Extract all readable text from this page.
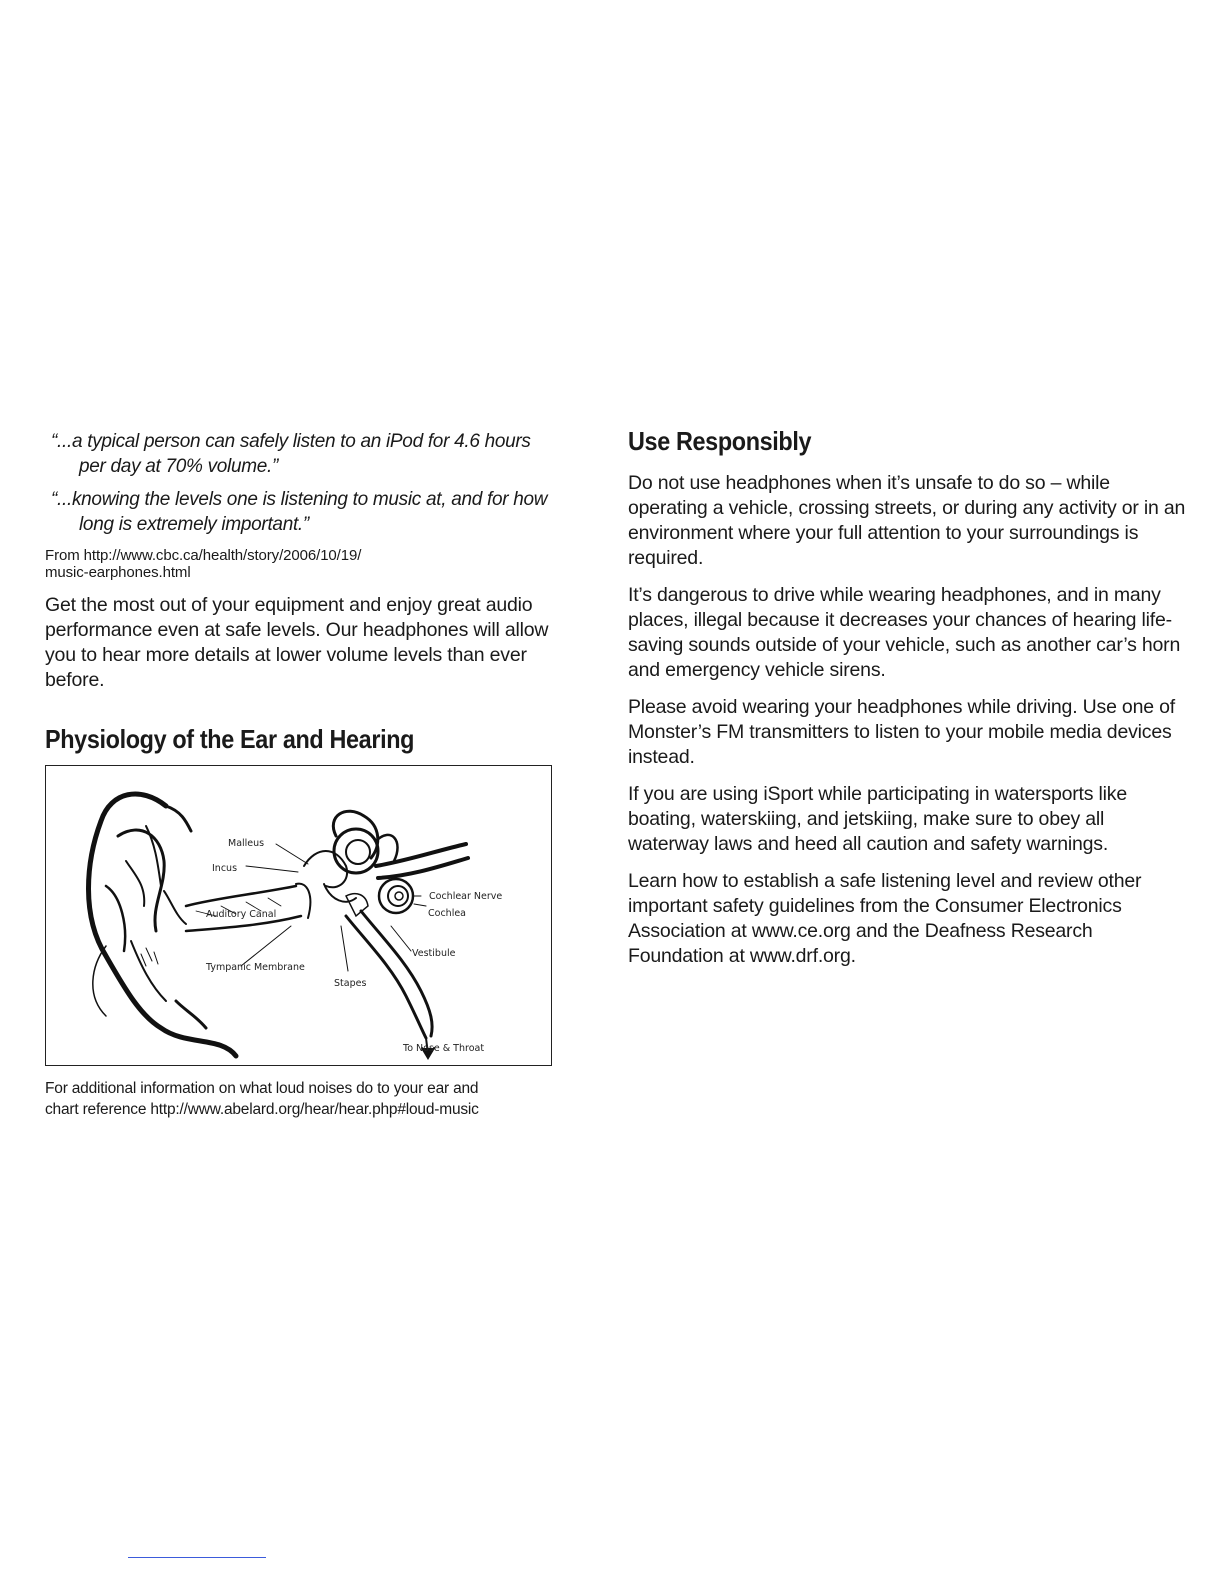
“...a typical person can safely listen to an iPod for 4.6 hours per day at 70% volume.”

“...knowing the levels one is listening to music at, and for how long is extremely important.”

From http://www.cbc.ca/health/story/2006/10/19/
music-earphones.html

Get the most out of your equipment and enjoy great audio performance even at safe levels. Our headphones will allow you to hear more details at lower volume levels than ever before.

Physiology of the Ear and Hearing
Malleus
Incus
Cochlear Nerve
Auditory Canal	Cochlea
Vestibule
Tympanic Membrane
Stapes
To Nose & Throat
For additional information on what loud noises do to your ear and
chart reference http://www.abelard.org/hear/hear.php#loud-music
Use Responsibly

Do not use headphones when it’s unsafe to do so – while operating a vehicle, crossing streets, or during any activity or in an environment where your full attention to your surroundings is required.

It’s dangerous to drive while wearing headphones, and in many places, illegal because it decreases your chances of hearing life-saving sounds outside of your vehicle, such as another car’s horn and emergency vehicle sirens.

Please avoid wearing your headphones while driving. Use one of Monster’s FM transmitters to listen to your mobile media devices instead.

If you are using iSport while participating in watersports like boating, waterskiing, and jetskiing, make sure to obey all waterway laws and heed all caution and safety warnings.

Learn how to establish a safe listening level and review other important safety guidelines from the Consumer Electronics Association at www.ce.org and the Deafness Research Foundation at www.drf.org.
